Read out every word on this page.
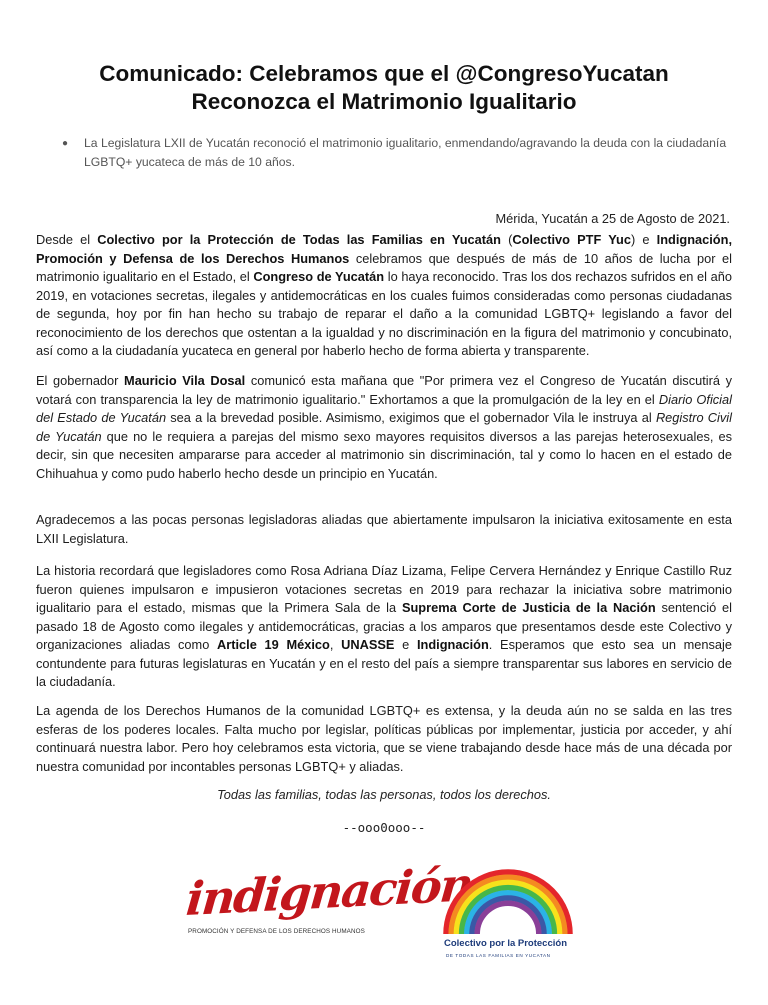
Comunicado: Celebramos que el @CongresoYucatan
Reconozca el Matrimonio Igualitario
●	La Legislatura LXII de Yucatán reconoció el matrimonio igualitario, enmendando/agravando la deuda con la ciudadanía LGBTQ+ yucateca de más de 10 años.
Mérida, Yucatán a 25 de Agosto de 2021.

Desde el Colectivo por la Protección de Todas las Familias en Yucatán (Colectivo PTF Yuc) e Indignación, Promoción y Defensa de los Derechos Humanos celebramos que después de más de 10 años de lucha por el matrimonio igualitario en el Estado, el Congreso de Yucatán lo haya reconocido. Tras los dos rechazos sufridos en el año 2019, en votaciones secretas, ilegales y antidemocráticas en los cuales fuimos consideradas como personas ciudadanas de segunda, hoy por fin han hecho su trabajo de reparar el daño a la comunidad LGBTQ+ legislando a favor del reconocimiento de los derechos que ostentan a la igualdad y no discriminación en la figura del matrimonio y concubinato, así como a la ciudadanía yucateca en general por haberlo hecho de forma abierta y transparente.

El gobernador Mauricio Vila Dosal comunicó esta mañana que "Por primera vez el Congreso de Yucatán discutirá y votará con transparencia la ley de matrimonio igualitario." Exhortamos a que la promulgación de la ley en el Diario Oficial del Estado de Yucatán sea a la brevedad posible. Asimismo, exigimos que el gobernador Vila le instruya al Registro Civil de Yucatán que no le requiera a parejas del mismo sexo mayores requisitos diversos a las parejas heterosexuales, es decir, sin que necesiten ampararse para acceder al matrimonio sin discriminación, tal y como lo hacen en el estado de Chihuahua y como pudo haberlo hecho desde un principio en Yucatán.

Agradecemos a las pocas personas legisladoras aliadas que abiertamente impulsaron la iniciativa exitosamente en esta LXII Legislatura.

La historia recordará que legisladores como Rosa Adriana Díaz Lizama, Felipe Cervera Hernández y Enrique Castillo Ruz fueron quienes impulsaron e impusieron votaciones secretas en 2019 para rechazar la iniciativa sobre matrimonio igualitario para el estado, mismas que la Primera Sala de la Suprema Corte de Justicia de la Nación sentenció el pasado 18 de Agosto como ilegales y antidemocráticas, gracias a los amparos que presentamos desde este Colectivo y organizaciones aliadas como Article 19 México, UNASSE e Indignación. Esperamos que esto sea un mensaje contundente para futuras legislaturas en Yucatán y en el resto del país a siempre transparentar sus labores en servicio de la ciudadanía.

La agenda de los Derechos Humanos de la comunidad LGBTQ+ es extensa, y la deuda aún no se salda en las tres esferas de los poderes locales. Falta mucho por legislar, políticas públicas por implementar, justicia por acceder, y ahí continuará nuestra labor. Pero hoy celebramos esta victoria, que se viene trabajando desde hace más de una década por nuestra comunidad por incontables personas LGBTQ+ y aliadas.

Todas las familias, todas las personas, todos los derechos.
--ooo0ooo--
indignación
PROMOCIÓN Y DEFENSA DE LOS DERECHOS HUMANOS
Colectivo por la Protección
DE TODAS LAS FAMILIAS EN YUCATAN
